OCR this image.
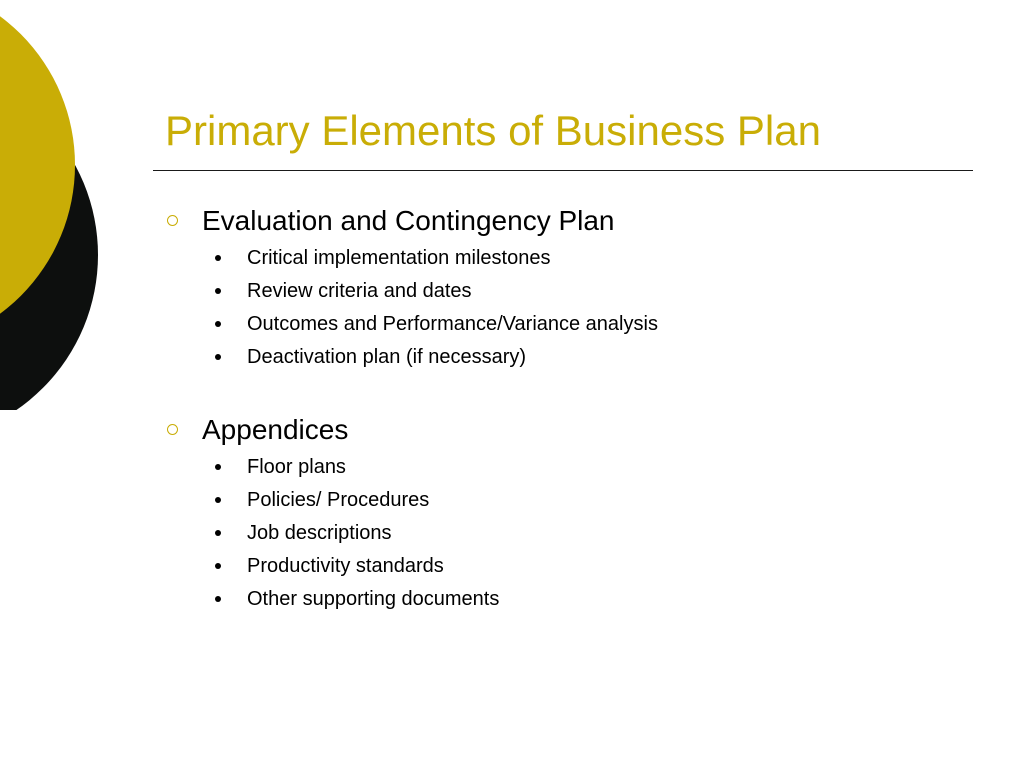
Primary Elements of Business Plan
Evaluation and Contingency Plan
Critical implementation milestones
Review criteria and dates
Outcomes and Performance/Variance analysis
Deactivation plan (if necessary)
Appendices
Floor plans
Policies/ Procedures
Job descriptions
Productivity standards
Other supporting documents
